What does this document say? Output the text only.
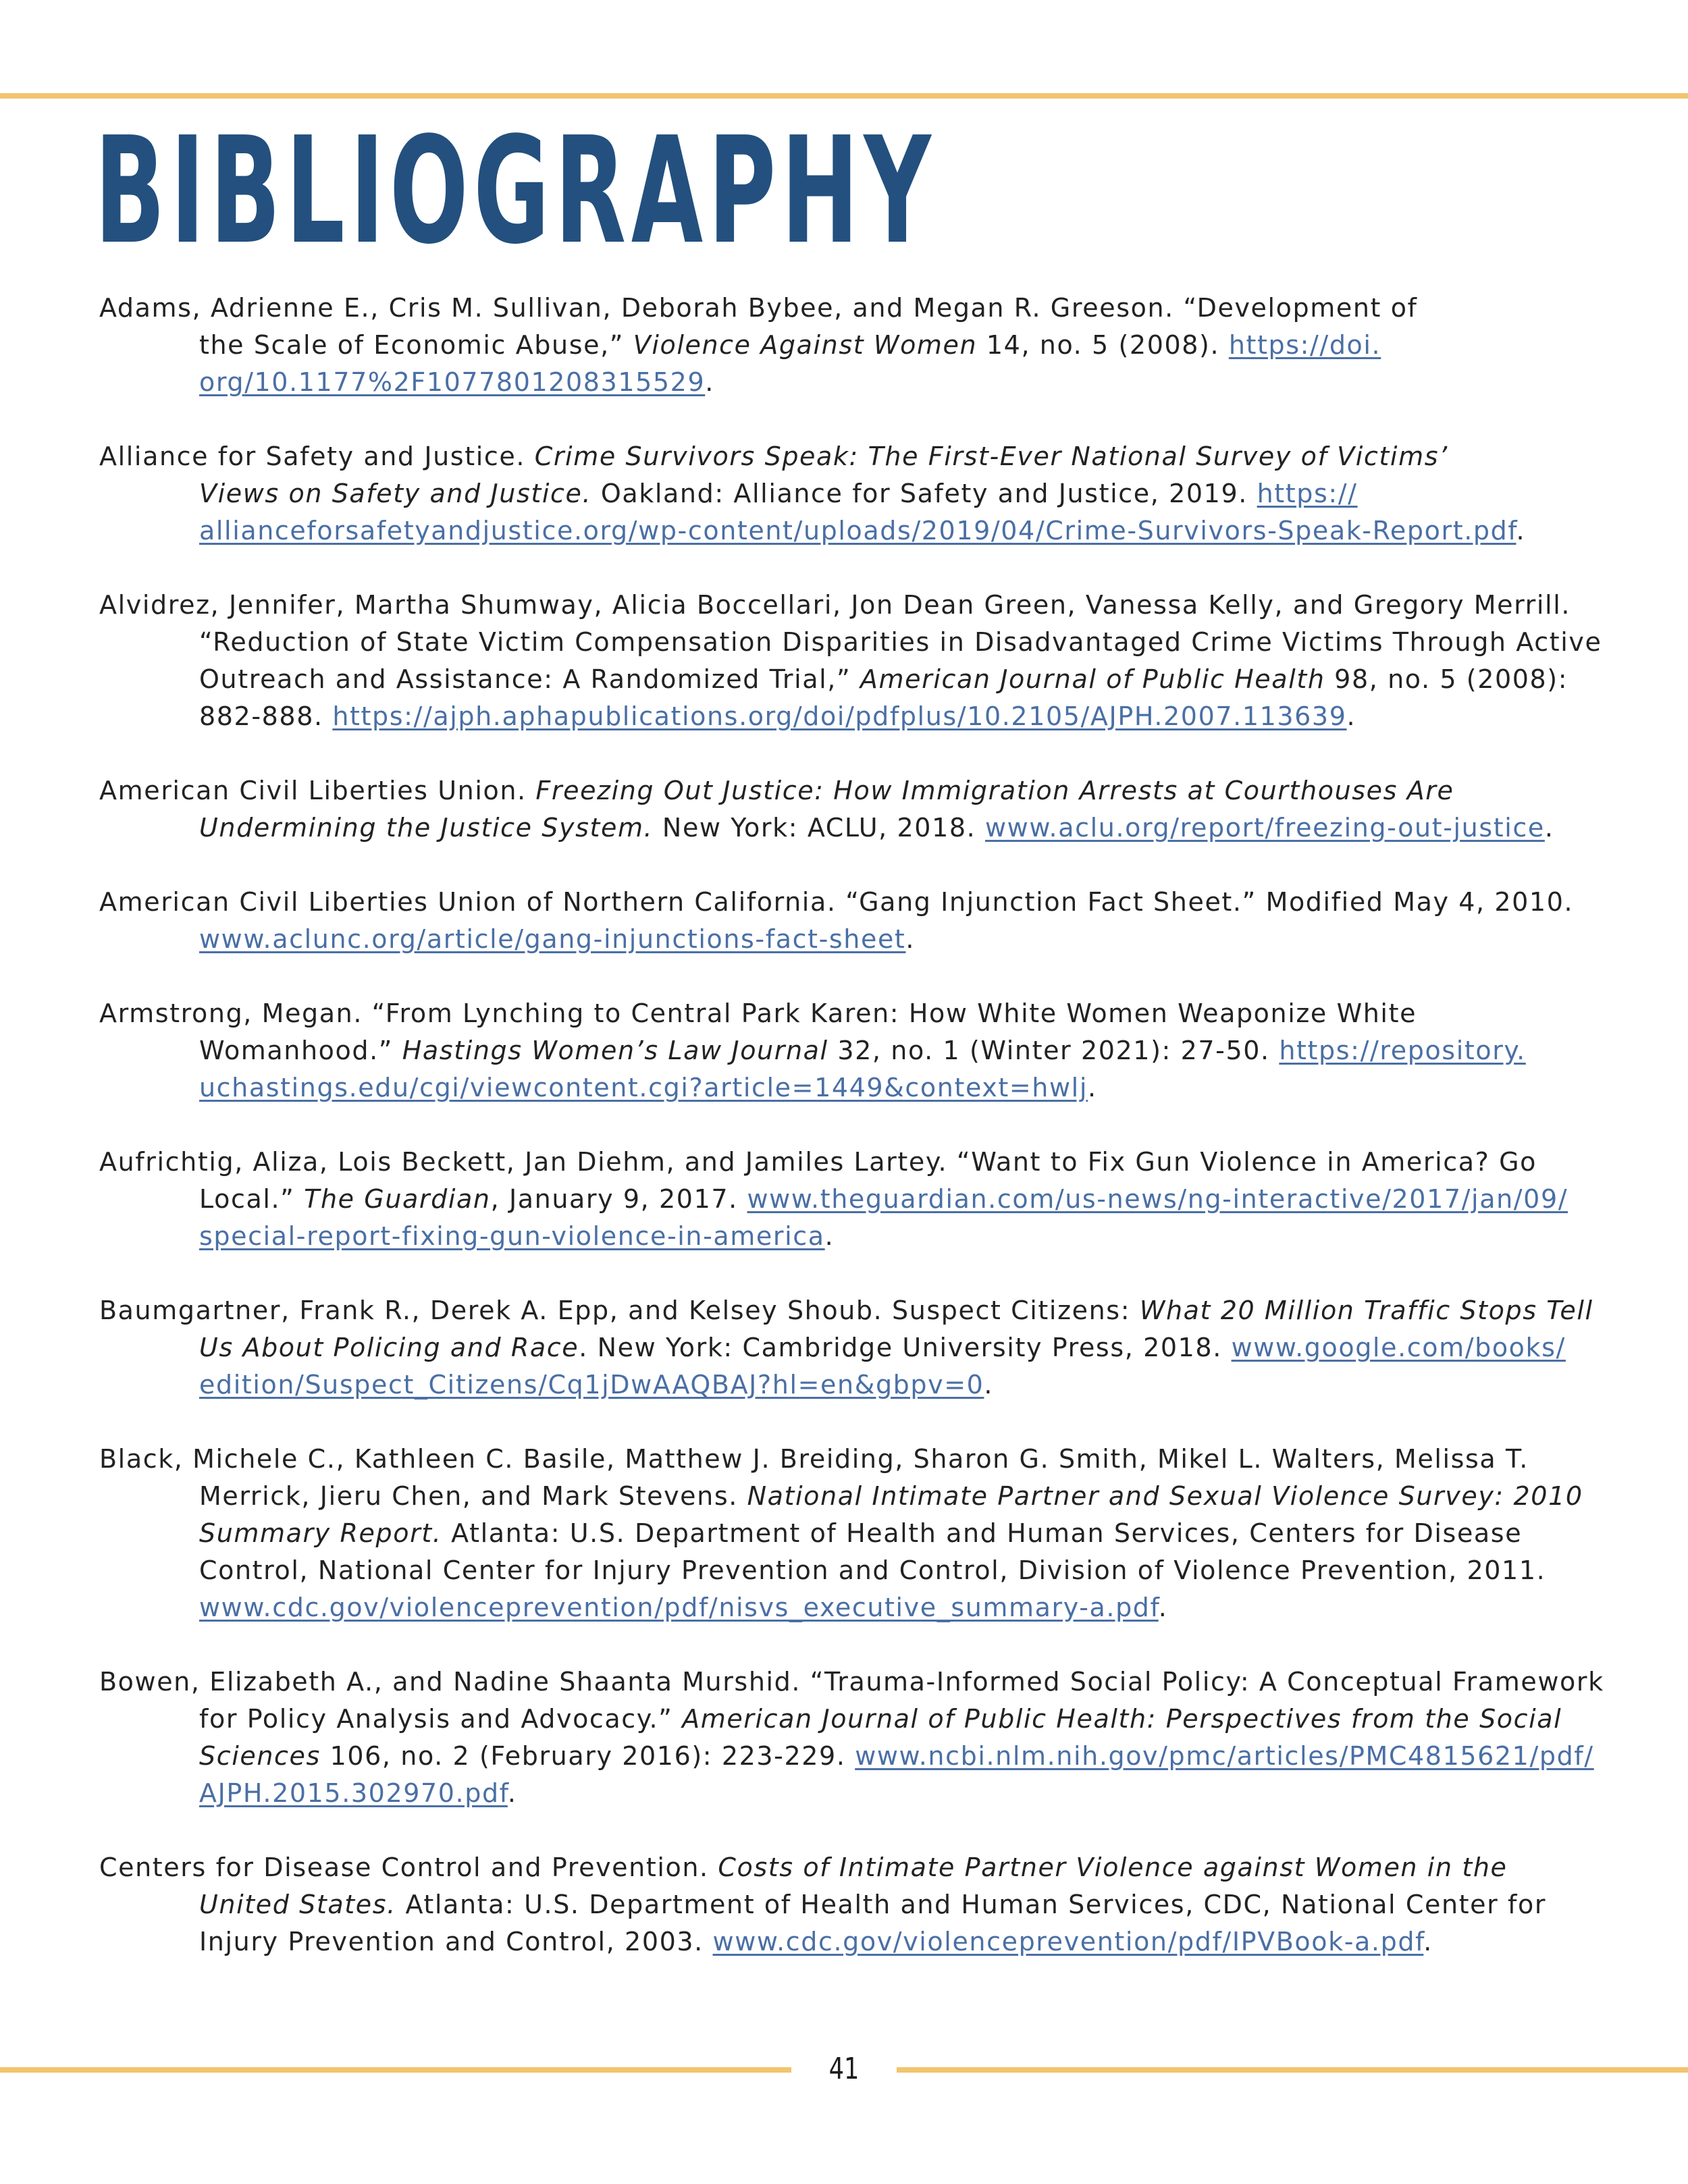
BIBLIOGRAPHY
Adams, Adrienne E., Cris M. Sullivan, Deborah Bybee, and Megan R. Greeson. “Development of
the Scale of Economic Abuse,” Violence Against Women 14, no. 5 (2008). https://doi.
org/10.1177%2F1077801208315529.
Alliance for Safety and Justice. Crime Survivors Speak: The First-Ever National Survey of Victims’
Views on Safety and Justice. Oakland: Alliance for Safety and Justice, 2019. https://
allianceforsafetyandjustice.org/wp-content/uploads/2019/04/Crime-Survivors-Speak-Report.pdf.
Alvidrez, Jennifer, Martha Shumway, Alicia Boccellari, Jon Dean Green, Vanessa Kelly, and Gregory Merrill.
“Reduction of State Victim Compensation Disparities in Disadvantaged Crime Victims Through Active
Outreach and Assistance: A Randomized Trial,” American Journal of Public Health 98, no. 5 (2008):
882-888. https://ajph.aphapublications.org/doi/pdfplus/10.2105/AJPH.2007.113639.
American Civil Liberties Union. Freezing Out Justice: How Immigration Arrests at Courthouses Are
Undermining the Justice System. New York: ACLU, 2018. www.aclu.org/report/freezing-out-justice.
American Civil Liberties Union of Northern California. “Gang Injunction Fact Sheet.” Modified May 4, 2010.
www.aclunc.org/article/gang-injunctions-fact-sheet.
Armstrong, Megan. “From Lynching to Central Park Karen: How White Women Weaponize White
Womanhood.” Hastings Women’s Law Journal 32, no. 1 (Winter 2021): 27-50. https://repository.
uchastings.edu/cgi/viewcontent.cgi?article=1449&context=hwlj.
Aufrichtig, Aliza, Lois Beckett, Jan Diehm, and Jamiles Lartey. “Want to Fix Gun Violence in America? Go
Local.” The Guardian, January 9, 2017. www.theguardian.com/us-news/ng-interactive/2017/jan/09/
special-report-fixing-gun-violence-in-america.
Baumgartner, Frank R., Derek A. Epp, and Kelsey Shoub. Suspect Citizens: What 20 Million Traffic Stops Tell
Us About Policing and Race. New York: Cambridge University Press, 2018. www.google.com/books/
edition/Suspect_Citizens/Cq1jDwAAQBAJ?hl=en&gbpv=0.
Black, Michele C., Kathleen C. Basile, Matthew J. Breiding, Sharon G. Smith, Mikel L. Walters, Melissa T.
Merrick, Jieru Chen, and Mark Stevens. National Intimate Partner and Sexual Violence Survey: 2010
Summary Report. Atlanta: U.S. Department of Health and Human Services, Centers for Disease
Control, National Center for Injury Prevention and Control, Division of Violence Prevention, 2011.
www.cdc.gov/violenceprevention/pdf/nisvs_executive_summary-a.pdf.
Bowen, Elizabeth A., and Nadine Shaanta Murshid. “Trauma-Informed Social Policy: A Conceptual Framework
for Policy Analysis and Advocacy.” American Journal of Public Health: Perspectives from the Social
Sciences 106, no. 2 (February 2016): 223-229. www.ncbi.nlm.nih.gov/pmc/articles/PMC4815621/pdf/
AJPH.2015.302970.pdf.
Centers for Disease Control and Prevention. Costs of Intimate Partner Violence against Women in the
United States. Atlanta: U.S. Department of Health and Human Services, CDC, National Center for
Injury Prevention and Control, 2003. www.cdc.gov/violenceprevention/pdf/IPVBook-a.pdf.
41
